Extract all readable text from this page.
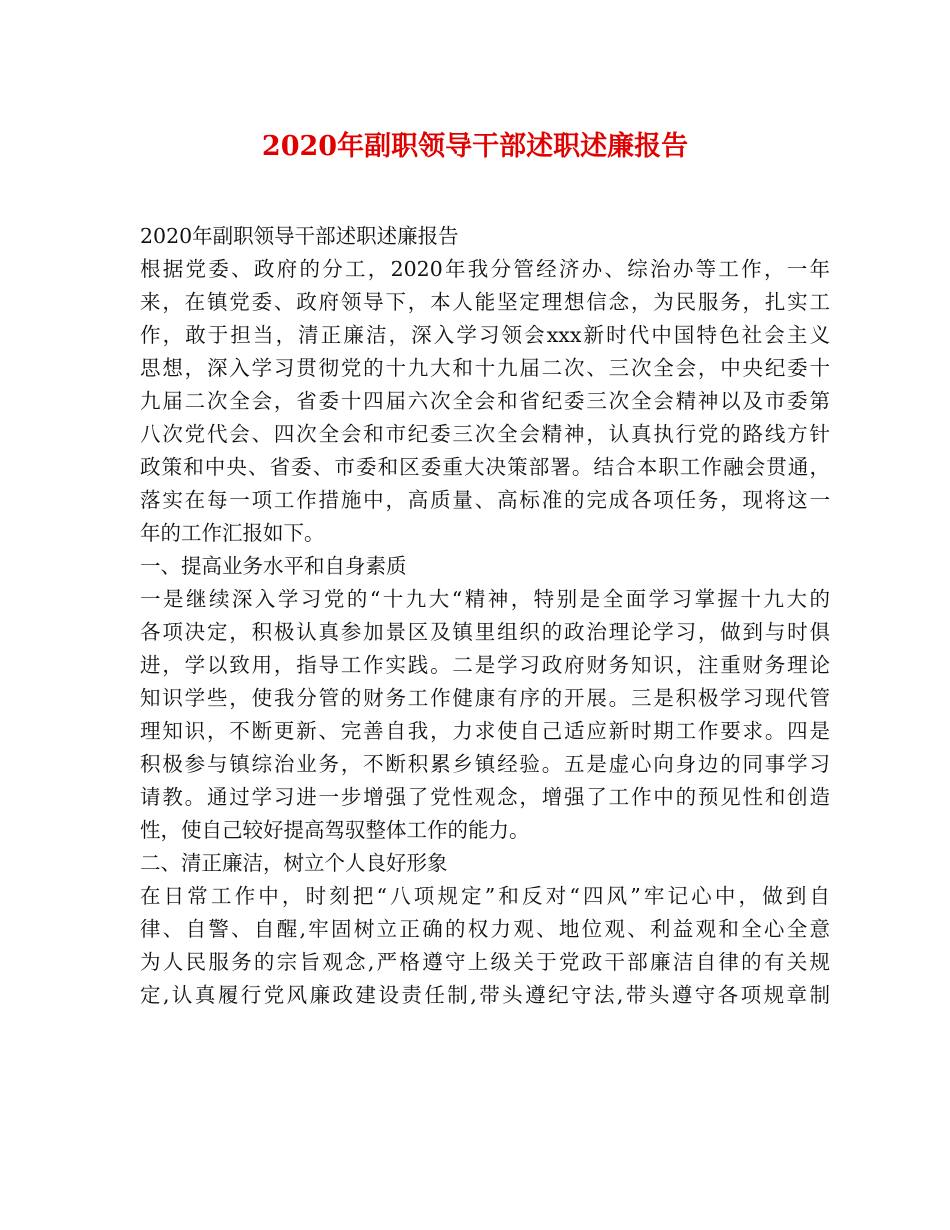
2020年副职领导干部述职述廉报告
2020年副职领导干部述职述廉报告
根据党委、政府的分工，2020年我分管经济办、综治办等工作，一年
来，在镇党委、政府领导下，本人能坚定理想信念，为民服务，扎实工
作，敢于担当，清正廉洁，深入学习领会xxx新时代中国特色社会主义
思想，深入学习贯彻党的十九大和十九届二次、三次全会，中央纪委十
九届二次全会，省委十四届六次全会和省纪委三次全会精神以及市委第
八次党代会、四次全会和市纪委三次全会精神，认真执行党的路线方针
政策和中央、省委、市委和区委重大决策部署。结合本职工作融会贯通，
落实在每一项工作措施中，高质量、高标准的完成各项任务，现将这一
年的工作汇报如下。
一、提高业务水平和自身素质
一是继续深入学习党的“十九大“精神，特别是全面学习掌握十九大的
各项决定，积极认真参加景区及镇里组织的政治理论学习，做到与时俱
进，学以致用，指导工作实践。二是学习政府财务知识，注重财务理论
知识学些，使我分管的财务工作健康有序的开展。三是积极学习现代管
理知识，不断更新、完善自我，力求使自己适应新时期工作要求。四是
积极参与镇综治业务，不断积累乡镇经验。五是虚心向身边的同事学习
请教。通过学习进一步增强了党性观念，增强了工作中的预见性和创造
性，使自己较好提高驾驭整体工作的能力。
二、清正廉洁，树立个人良好形象
在日常工作中，时刻把“八项规定”和反对“四风”牢记心中，做到自
律、自警、自醒,牢固树立正确的权力观、地位观、利益观和全心全意
为人民服务的宗旨观念,严格遵守上级关于党政干部廉洁自律的有关规
定,认真履行党风廉政建设责任制,带头遵纪守法,带头遵守各项规章制
